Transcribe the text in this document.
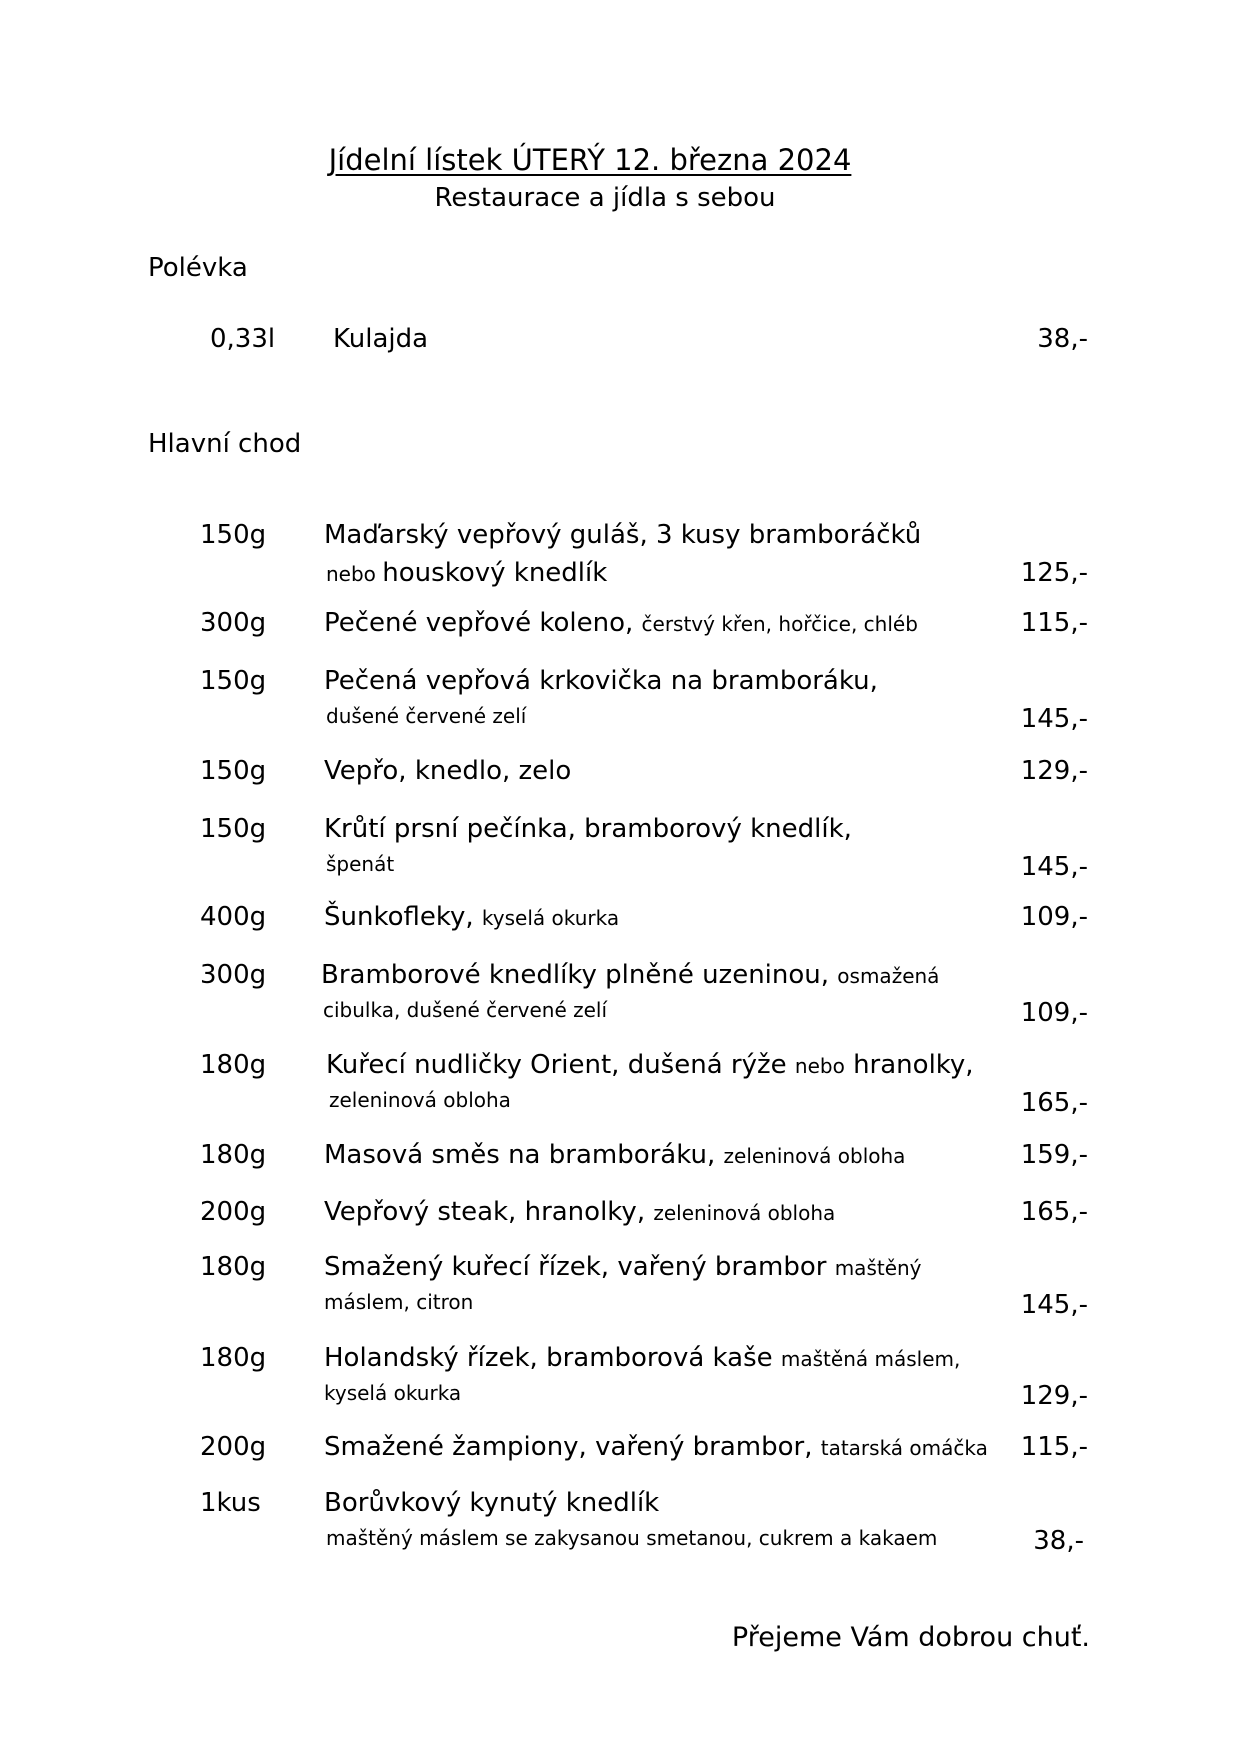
Jídelní lístek ÚTERÝ 12. března 2024
Restaurace a jídla s sebou
Polévka
0,33l Kulajda	38,-
Hlavní chod
150g Maďarský vepřový guláš, 3 kusy bramboráčků
nebo houskový knedlík	125,-
300g Pečené vepřové koleno, čerstvý křen, hořčice, chléb	115,-
150g Pečená vepřová krkovička na bramboráku,
dušené červené zelí	145,-
150g Vepřo, knedlo, zelo	129,-
150g Krůtí prsní pečínka, bramborový knedlík,
špenát	145,-
400g Šunkofleky, kyselá okurka	109,-
300g Bramborové knedlíky plněné uzeninou, osmažená
cibulka, dušené červené zelí	109,-
180g Kuřecí nudličky Orient, dušená rýže nebo hranolky,
zeleninová obloha	165,-
180g Masová směs na bramboráku, zeleninová obloha	159,-
200g Vepřový steak, hranolky, zeleninová obloha	165,-
180g Smažený kuřecí řízek, vařený brambor maštěný
máslem, citron	145,-
180g Holandský řízek, bramborová kaše maštěná máslem,
kyselá okurka	129,-
200g Smažené žampiony, vařený brambor, tatarská omáčka 115,-
1kus Borůvkový kynutý knedlík
maštěný máslem se zakysanou smetanou, cukrem a kakaem	38,-
Přejeme Vám dobrou chuť.
